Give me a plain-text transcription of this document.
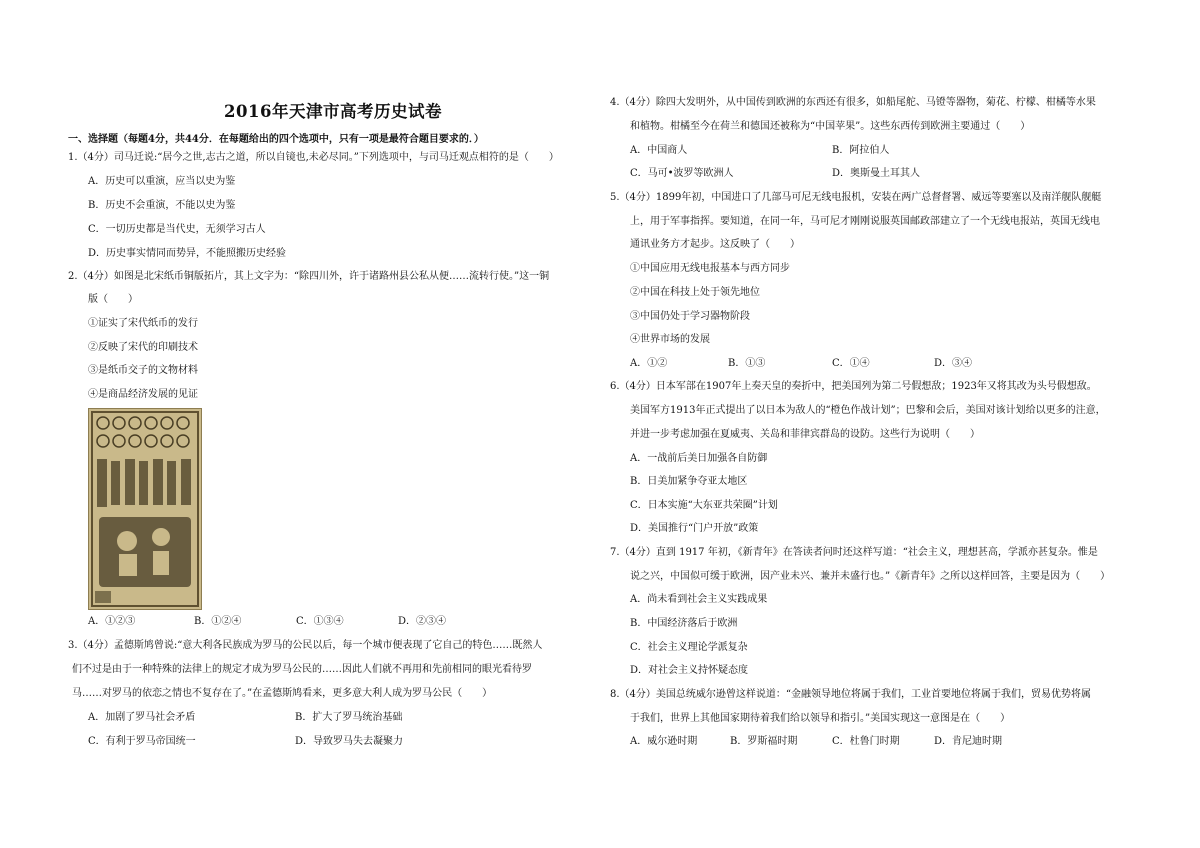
2016年天津市高考历史试卷
一、选择题（每题4分，共44分．在每题给出的四个选项中，只有一项是最符合题目要求的．）
1.（4分）司马迁说:“居今之世,志古之道，所以自镜也,未必尽同。”下列选项中，与司马迁观点相符的是（　　）
A．历史可以重演，应当以史为鉴
B．历史不会重演，不能以史为鉴
C．一切历史都是当代史，无须学习古人
D．历史事实情同而势异，不能照搬历史经验
2.（4分）如图是北宋纸币铜版拓片，其上文字为：“除四川外，许于诸路州县公私从便……流转行使。”这一铜
版（　　）
①证实了宋代纸币的发行
②反映了宋代的印刷技术
③是纸币交子的文物材料
④是商品经济发展的见证
A．①②③	B．①②④	C．①③④	D．②③④
3.（4分）孟德斯鸠曾说:“意大利各民族成为罗马的公民以后，每一个城市便表现了它自己的特色……既然人
们不过是由于一种特殊的法律上的规定才成为罗马公民的……因此人们就不再用和先前相同的眼光看待罗
马……对罗马的依恋之情也不复存在了。”在孟德斯鸠看来，更多意大利人成为罗马公民（　　）
A．加剧了罗马社会矛盾	B．扩大了罗马统治基础
C．有利于罗马帝国统一	D．导致罗马失去凝聚力
4.（4分）除四大发明外，从中国传到欧洲的东西还有很多，如船尾舵、马镫等器物，菊花、柠檬、柑橘等水果
和植物。柑橘至今在荷兰和德国还被称为“中国苹果”。这些东西传到欧洲主要通过（　　）
A．中国商人	B．阿拉伯人
C．马可•波罗等欧洲人	D．奥斯曼土耳其人
5.（4分）1899年初，中国进口了几部马可尼无线电报机，安装在两广总督督署、威远等要塞以及南洋舰队舰艇
上，用于军事指挥。要知道，在同一年，马可尼才刚刚说服英国邮政部建立了一个无线电报站，英国无线电
通讯业务方才起步。这反映了（　　）
①中国应用无线电报基本与西方同步
②中国在科技上处于领先地位
③中国仍处于学习器物阶段
④世界市场的发展
A．①②	B．①③	C．①④	D．③④
6.（4分）日本军部在1907年上奏天皇的奏折中，把美国列为第二号假想敌；1923年又将其改为头号假想敌。
美国军方1913年正式提出了以日本为敌人的“橙色作战计划”；巴黎和会后，美国对该计划给以更多的注意，
并进一步考虑加强在夏威夷、关岛和菲律宾群岛的设防。这些行为说明（　　）
A．一战前后美日加强各自防御
B．日美加紧争夺亚太地区
C．日本实施“大东亚共荣圈”计划
D．美国推行“门户开放”政策
7.（4分）直到 1917 年初，《新青年》在答读者问时还这样写道：“社会主义，理想甚高，学派亦甚复杂。惟是
说之兴，中国似可缓于欧洲，因产业未兴、兼并未盛行也。”《新青年》之所以这样回答，主要是因为（　　）
A．尚未看到社会主义实践成果
B．中国经济落后于欧洲
C．社会主义理论学派复杂
D．对社会主义持怀疑态度
8.（4分）美国总统威尔逊曾这样说道：“金融领导地位将属于我们，工业首要地位将属于我们，贸易优势将属
于我们，世界上其他国家期待着我们给以领导和指引。”美国实现这一意图是在（　　）
A．威尔逊时期	B．罗斯福时期	C．杜鲁门时期	D．肯尼迪时期
